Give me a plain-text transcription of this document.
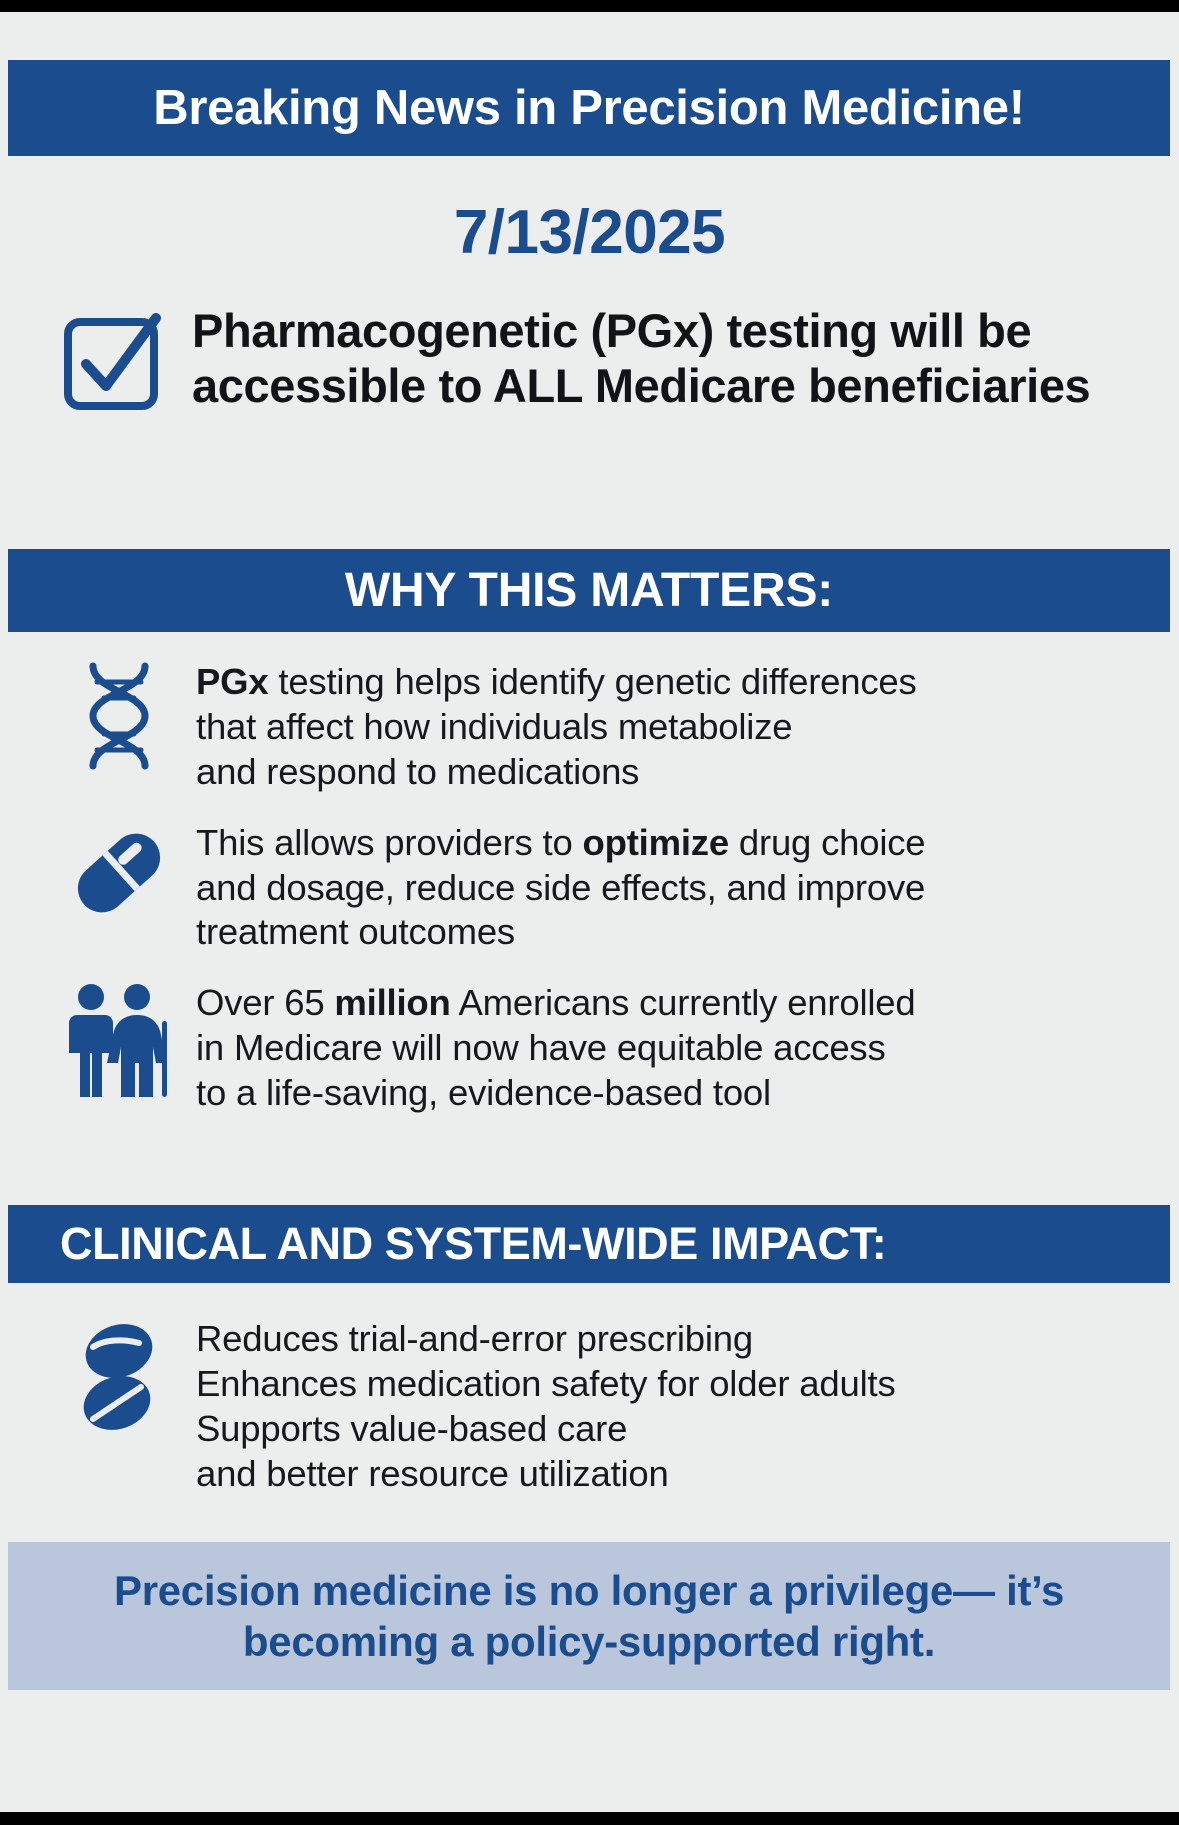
Breaking News in Precision Medicine!
7/13/2025
Pharmacogenetic (PGx) testing will be accessible to ALL Medicare beneficiaries
WHY THIS MATTERS:
PGx testing helps identify genetic differences
that affect how individuals metabolize
and respond to medications
This allows providers to optimize drug choice
and dosage, reduce side effects, and improve
treatment outcomes
Over 65 million Americans currently enrolled
in Medicare will now have equitable access
to a life-saving, evidence-based tool
CLINICAL AND SYSTEM-WIDE IMPACT:
Reduces trial-and-error prescribing
Enhances medication safety for older adults
Supports value-based care
and better resource utilization
Precision medicine is no longer a privilege— it’s becoming a policy-supported right.
